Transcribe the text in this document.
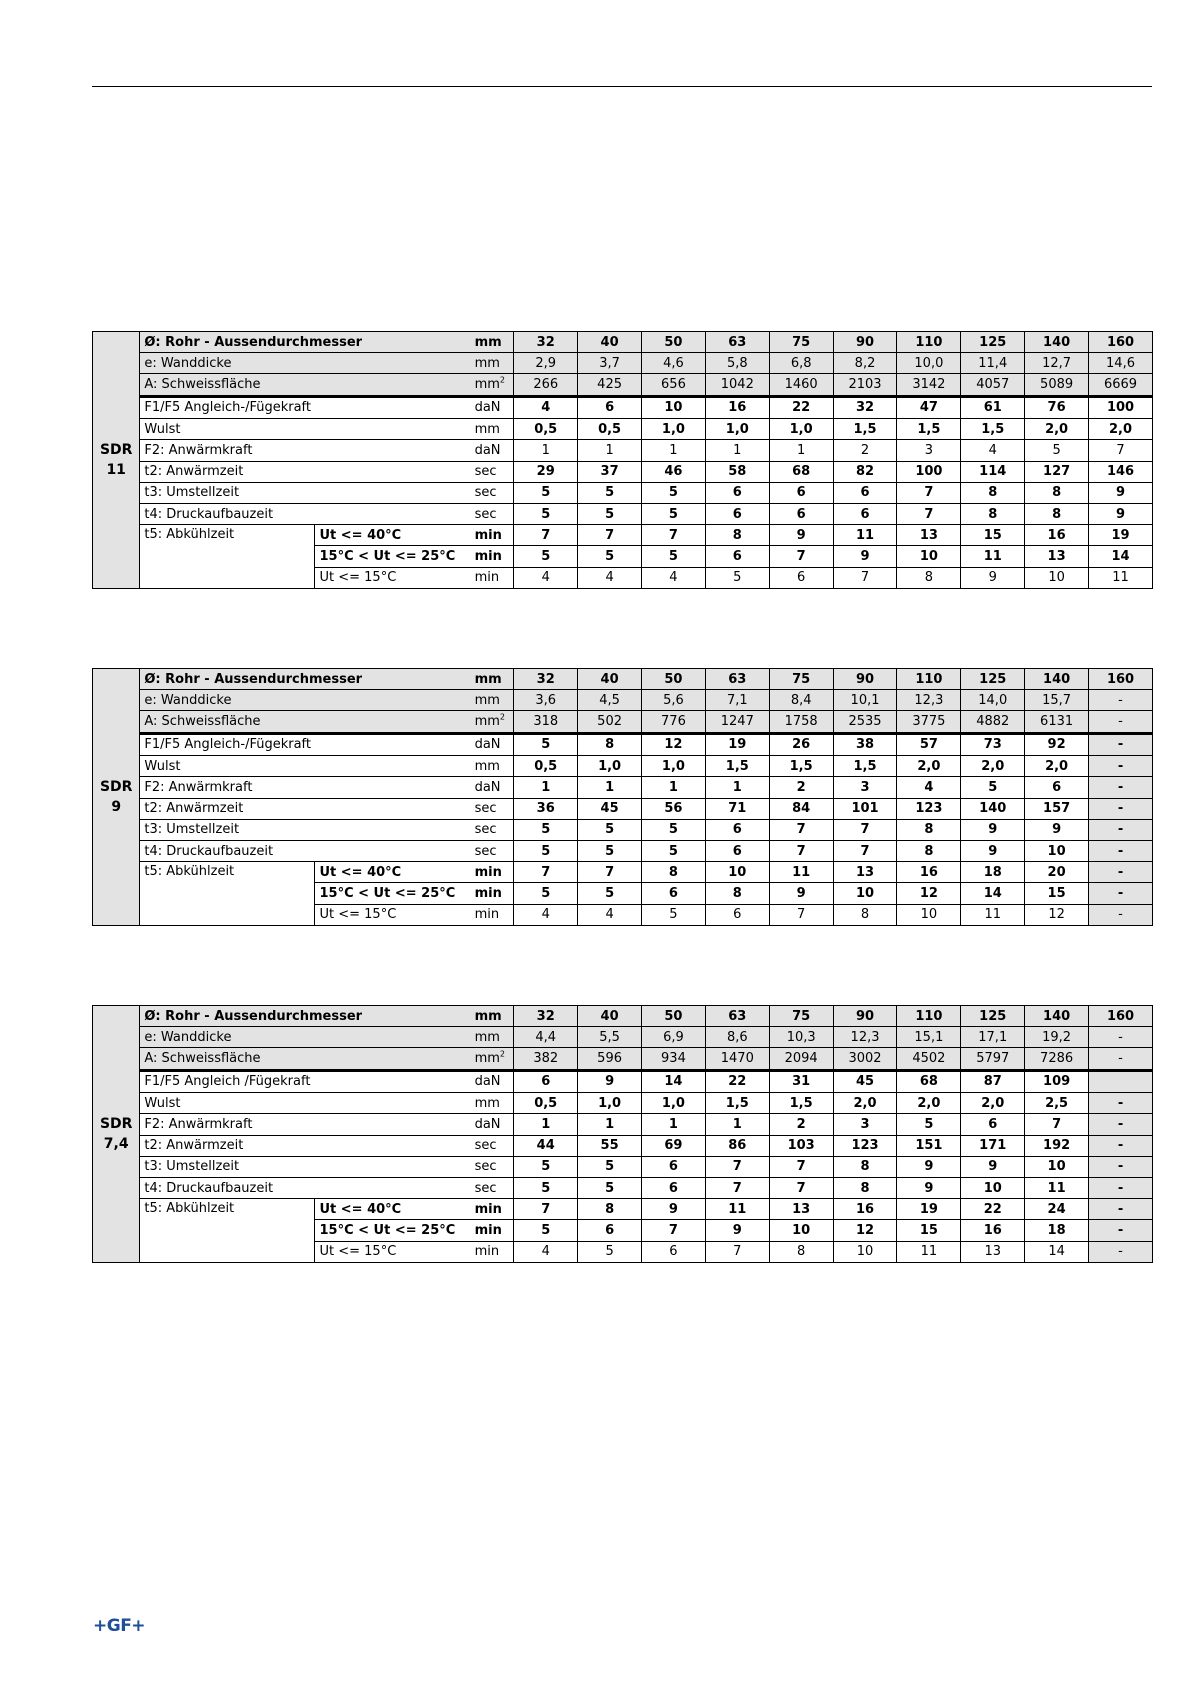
SDR
11	Ø: Rohr - Aussendurchmesser		mm	32	40	50	63	75	90	110	125	140	160
	e: Wanddicke		mm	2,9	3,7	4,6	5,8	6,8	8,2	10,0	11,4	12,7	14,6
	A: Schweissfläche		$mm^2$	266	425	656	1042	1460	2103	3142	4057	5089	6669
	F1/F5 Angleich-/Fügekraft		daN	4	6	10	16	22	32	47	61	76	100
	Wulst		mm	0,5	0,5	1,0	1,0	1,0	1,5	1,5	1,5	2,0	2,0
	F2: Anwärmkraft		daN	1	1	1	1	1	2	3	4	5	7
	t2: Anwärmzeit		sec	29	37	46	58	68	82	100	114	127	146
	t3: Umstellzeit		sec	5	5	5	6	6	6	7	8	8	9
	t4: Druckaufbauzeit		sec	5	5	5	6	6	6	7	8	8	9
	t5: Abkühlzeit	Ut <= 40°C	min	7	7	7	8	9	11	13	15	16	19
		15°C < Ut <= 25°C	min	5	5	5	6	7	9	10	11	13	14
		Ut <= 15°C	min	4	4	4	5	6	7	8	9	10	11
SDR
9	Ø: Rohr - Aussendurchmesser		mm	32	40	50	63	75	90	110	125	140	160
	e: Wanddicke		mm	3,6	4,5	5,6	7,1	8,4	10,1	12,3	14,0	15,7	-
	A: Schweissfläche		$mm^2$	318	502	776	1247	1758	2535	3775	4882	6131	-
	F1/F5 Angleich-/Fügekraft		daN	5	8	12	19	26	38	57	73	92	-
	Wulst		mm	0,5	1,0	1,0	1,5	1,5	1,5	2,0	2,0	2,0	-
	F2: Anwärmkraft		daN	1	1	1	1	2	3	4	5	6	-
	t2: Anwärmzeit		sec	36	45	56	71	84	101	123	140	157	-
	t3: Umstellzeit		sec	5	5	5	6	7	7	8	9	9	-
	t4: Druckaufbauzeit		sec	5	5	5	6	7	7	8	9	10	-
	t5: Abkühlzeit	Ut <= 40°C	min	7	7	8	10	11	13	16	18	20	-
		15°C < Ut <= 25°C	min	5	5	6	8	9	10	12	14	15	-
		Ut <= 15°C	min	4	4	5	6	7	8	10	11	12	-
SDR
7,4	Ø: Rohr - Aussendurchmesser		mm	32	40	50	63	75	90	110	125	140	160
	e: Wanddicke		mm	4,4	5,5	6,9	8,6	10,3	12,3	15,1	17,1	19,2	-
	A: Schweissfläche		$mm^2$	382	596	934	1470	2094	3002	4502	5797	7286	-
	F1/F5 Angleich /Fügekraft		daN	6	9	14	22	31	45	68	87	109	
	Wulst		mm	0,5	1,0	1,0	1,5	1,5	2,0	2,0	2,0	2,5	-
	F2: Anwärmkraft		daN	1	1	1	1	2	3	5	6	7	-
	t2: Anwärmzeit		sec	44	55	69	86	103	123	151	171	192	-
	t3: Umstellzeit		sec	5	5	6	7	7	8	9	9	10	-
	t4: Druckaufbauzeit		sec	5	5	6	7	7	8	9	10	11	-
	t5: Abkühlzeit	Ut <= 40°C	min	7	8	9	11	13	16	19	22	24	-
		15°C < Ut <= 25°C	min	5	6	7	9	10	12	15	16	18	-
		Ut <= 15°C	min	4	5	6	7	8	10	11	13	14	-
+GF+
